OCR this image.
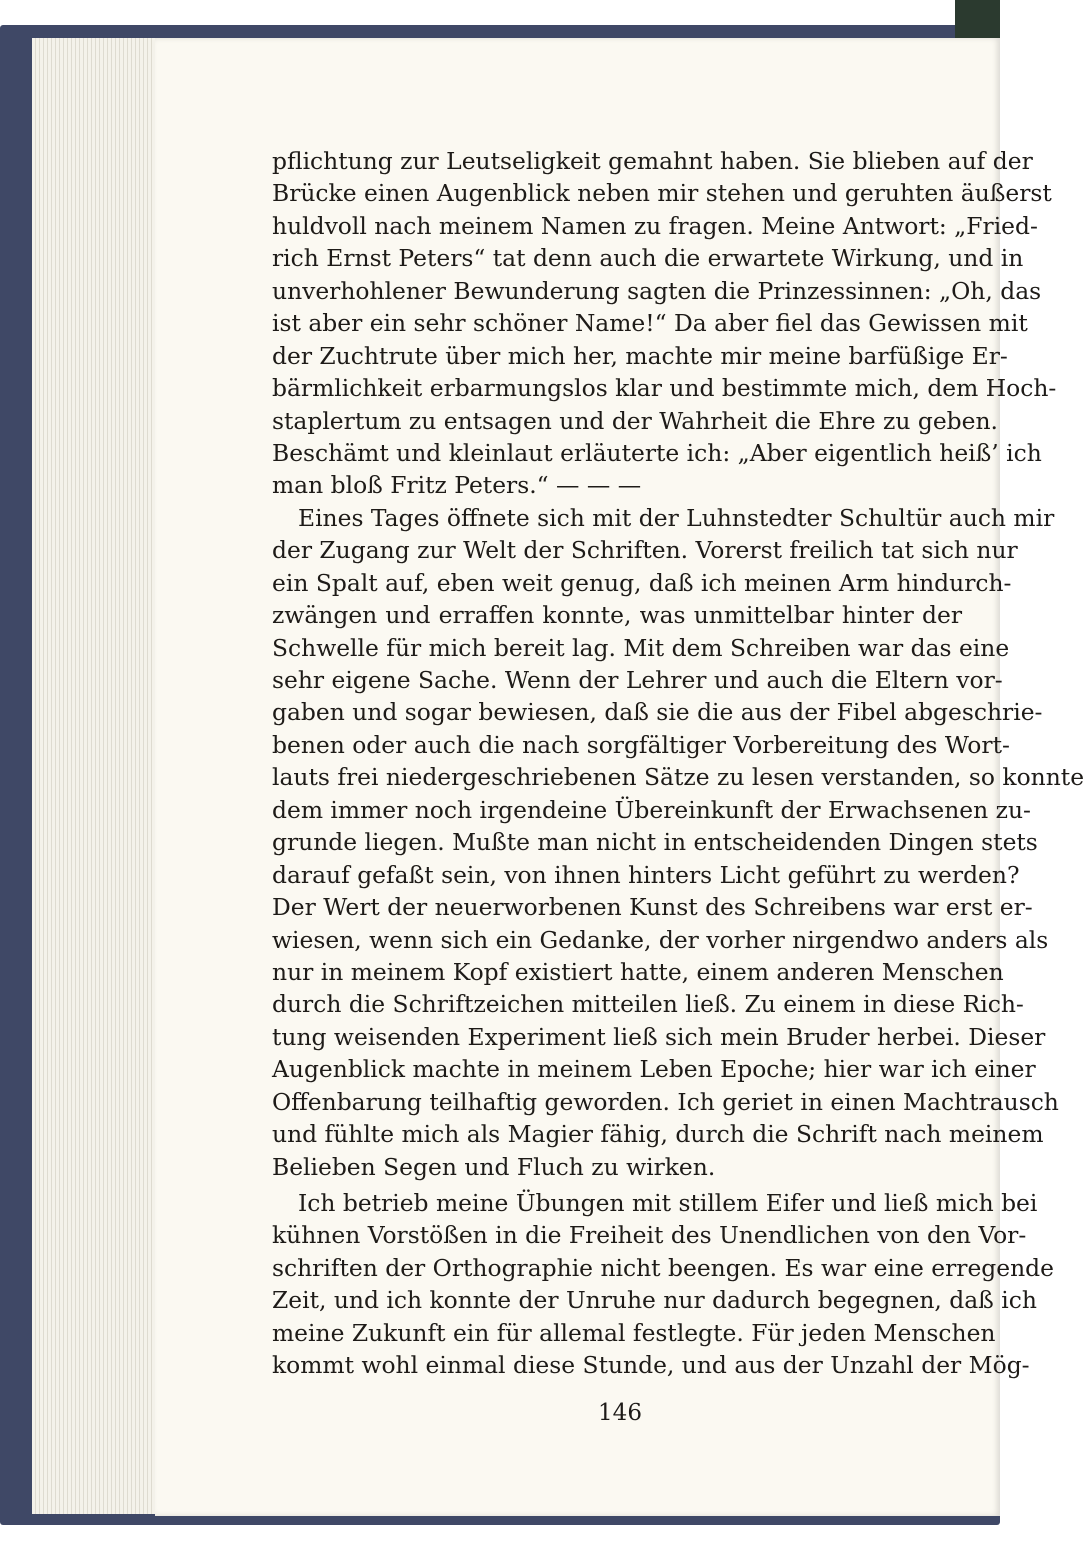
pflichtung zur Leutseligkeit gemahnt haben. Sie blieben auf der
Brücke einen Augenblick neben mir stehen und geruhten äußerst
huldvoll nach meinem Namen zu fragen. Meine Antwort: „Fried-
rich Ernst Peters“ tat denn auch die erwartete Wirkung, und in
unverhohlener Bewunderung sagten die Prinzessinnen: „Oh, das
ist aber ein sehr schöner Name!“ Da aber fiel das Gewissen mit
der Zuchtrute über mich her, machte mir meine barfüßige Er-
bärmlichkeit erbarmungslos klar und bestimmte mich, dem Hoch-
staplertum zu entsagen und der Wahrheit die Ehre zu geben.
Beschämt und kleinlaut erläuterte ich: „Aber eigentlich heiß’ ich
man bloß Fritz Peters.“ — — —
Eines Tages öffnete sich mit der Luhnstedter Schultür auch mir
der Zugang zur Welt der Schriften. Vorerst freilich tat sich nur
ein Spalt auf, eben weit genug, daß ich meinen Arm hindurch-
zwängen und erraffen konnte, was unmittelbar hinter der
Schwelle für mich bereit lag. Mit dem Schreiben war das eine
sehr eigene Sache. Wenn der Lehrer und auch die Eltern vor-
gaben und sogar bewiesen, daß sie die aus der Fibel abgeschrie-
benen oder auch die nach sorgfältiger Vorbereitung des Wort-
lauts frei niedergeschriebenen Sätze zu lesen verstanden, so konnte
dem immer noch irgendeine Übereinkunft der Erwachsenen zu-
grunde liegen. Mußte man nicht in entscheidenden Dingen stets
darauf gefaßt sein, von ihnen hinters Licht geführt zu werden?
Der Wert der neuerworbenen Kunst des Schreibens war erst er-
wiesen, wenn sich ein Gedanke, der vorher nirgendwo anders als
nur in meinem Kopf existiert hatte, einem anderen Menschen
durch die Schriftzeichen mitteilen ließ. Zu einem in diese Rich-
tung weisenden Experiment ließ sich mein Bruder herbei. Dieser
Augenblick machte in meinem Leben Epoche; hier war ich einer
Offenbarung teilhaftig geworden. Ich geriet in einen Machtrausch
und fühlte mich als Magier fähig, durch die Schrift nach meinem
Belieben Segen und Fluch zu wirken.
Ich betrieb meine Übungen mit stillem Eifer und ließ mich bei
kühnen Vorstößen in die Freiheit des Unendlichen von den Vor-
schriften der Orthographie nicht beengen. Es war eine erregende
Zeit, und ich konnte der Unruhe nur dadurch begegnen, daß ich
meine Zukunft ein für allemal festlegte. Für jeden Menschen
kommt wohl einmal diese Stunde, und aus der Unzahl der Mög-
146
